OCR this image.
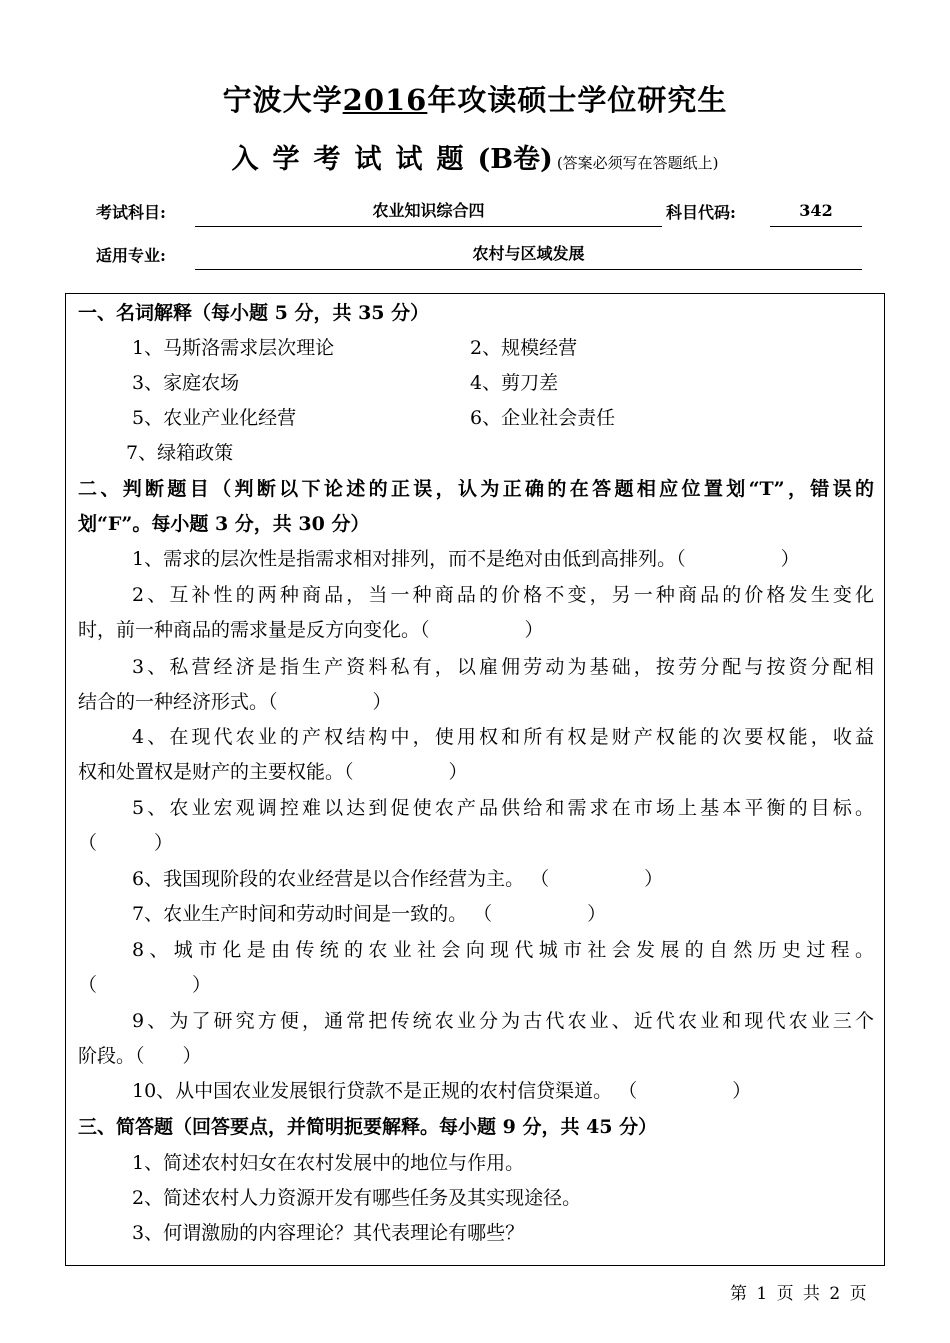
宁波大学2016年攻读硕士学位研究生
入学考试试题(B卷) (答案必须写在答题纸上)
考试科目:	农业知识综合四	科目代码:	342
适用专业:	农村与区域发展
一、名词解释（每小题 5 分，共 35 分）
1、马斯洛需求层次理论	2、规模经营
3、家庭农场	4、剪刀差
5、农业产业化经营	6、企业社会责任
7、绿箱政策
二、判断题目（判断以下论述的正误，认为正确的在答题相应位置划“T”，错误的
划“F”。每小题 3 分，共 30 分）
1、需求的层次性是指需求相对排列，而不是绝对由低到高排列。（　　　　　）
2、互补性的两种商品，当一种商品的价格不变，另一种商品的价格发生变化
时，前一种商品的需求量是反方向变化。（　　　　　）
3、私营经济是指生产资料私有，以雇佣劳动为基础，按劳分配与按资分配相
结合的一种经济形式。（　　　　　）
4、在现代农业的产权结构中，使用权和所有权是财产权能的次要权能，收益
权和处置权是财产的主要权能。（　　　　　）
5、农业宏观调控难以达到促使农产品供给和需求在市场上基本平衡的目标。
（　　　）
6、我国现阶段的农业经营是以合作经营为主。 （　　　　　）
7、农业生产时间和劳动时间是一致的。 （　　　　　）
8、城市化是由传统的农业社会向现代城市社会发展的自然历史过程。
（　　　　　）
9、为了研究方便，通常把传统农业分为古代农业、近代农业和现代农业三个
阶段。（　　）
10、从中国农业发展银行贷款不是正规的农村信贷渠道。 （　　　　　）
三、简答题（回答要点，并简明扼要解释。每小题 9 分，共 45 分）
1、简述农村妇女在农村发展中的地位与作用。
2、简述农村人力资源开发有哪些任务及其实现途径。
3、何谓激励的内容理论？其代表理论有哪些？
第 1 页 共 2 页
